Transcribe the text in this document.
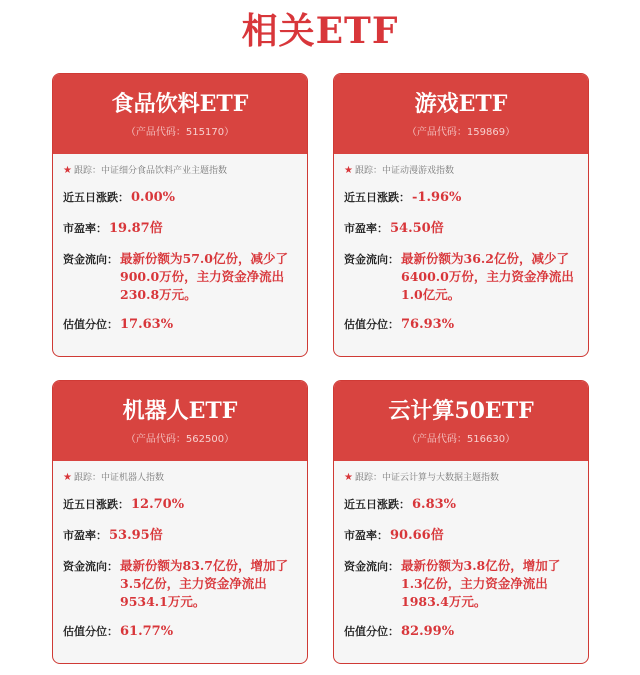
相关ETF
食品饮料ETF
（产品代码：515170）
★ 跟踪：中证细分食品饮料产业主题指数
近五日涨跌： 0.00%
市盈率： 19.87倍
资金流向： 最新份额为57.0亿份，减少了900.0万份，主力资金净流出230.8万元。
估值分位： 17.63%
游戏ETF
（产品代码：159869）
★ 跟踪：中证动漫游戏指数
近五日涨跌： -1.96%
市盈率： 54.50倍
资金流向： 最新份额为36.2亿份，减少了6400.0万份，主力资金净流出1.0亿元。
估值分位： 76.93%
机器人ETF
（产品代码：562500）
★ 跟踪：中证机器人指数
近五日涨跌： 12.70%
市盈率： 53.95倍
资金流向： 最新份额为83.7亿份，增加了3.5亿份，主力资金净流出9534.1万元。
估值分位： 61.77%
云计算50ETF
（产品代码：516630）
★ 跟踪：中证云计算与大数据主题指数
近五日涨跌： 6.83%
市盈率： 90.66倍
资金流向： 最新份额为3.8亿份，增加了1.3亿份，主力资金净流出1983.4万元。
估值分位： 82.99%
